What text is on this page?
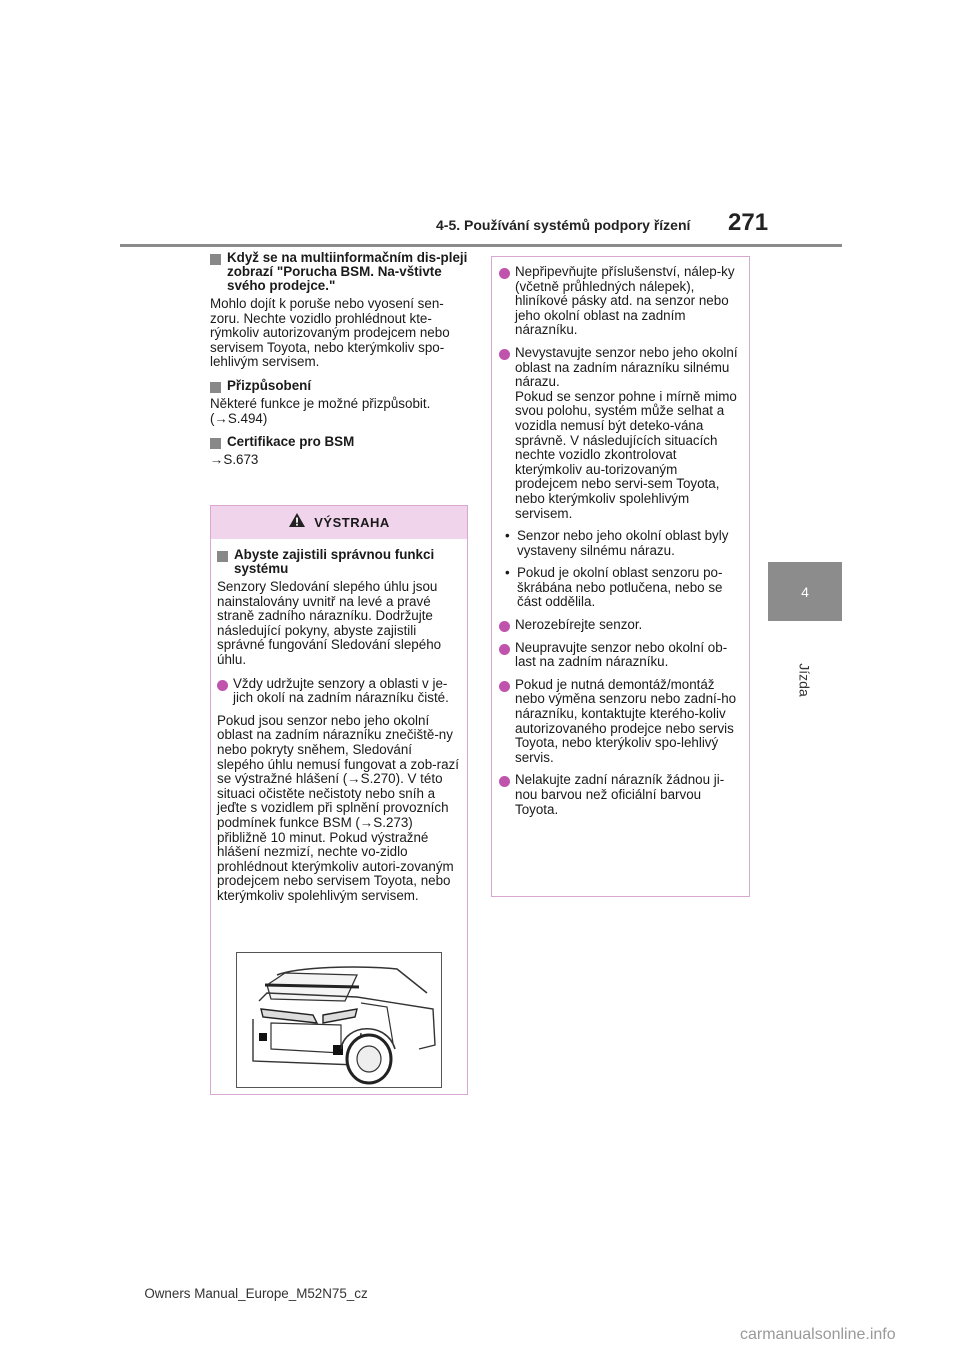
4-5. Používání systémů podpory řízení	271
4
Jízda
Když se na multiinformačním dis-pleji zobrazí "Porucha BSM. Na-vštivte svého prodejce."

Mohlo dojít k poruše nebo vyosení sen-zoru. Nechte vozidlo prohlédnout kte-rýmkoliv autorizovaným prodejcem nebo servisem Toyota, nebo kterýmkoliv spo-lehlivým servisem.

Přizpůsobení

Některé funkce je možné přizpůsobit. (→S.494)

Certifikace pro BSM

→S.673

VÝSTRAHA
Abyste zajistili správnou funkci systému

Senzory Sledování slepého úhlu jsou nainstalovány uvnitř na levé a pravé straně zadního nárazníku. Dodržujte následující pokyny, abyste zajistili správné fungování Sledování slepého úhlu.

Vždy udržujte senzory a oblasti v je-jich okolí na zadním nárazníku čisté.

Pokud jsou senzor nebo jeho okolní oblast na zadním nárazníku znečiště-ny nebo pokryty sněhem, Sledování slepého úhlu nemusí fungovat a zob-razí se výstražné hlášení (→S.270). V této situaci očistěte nečistoty nebo sníh a jeďte s vozidlem při splnění provozních podmínek funkce BSM (→S.273) přibližně 10 minut. Pokud výstražné hlášení nezmizí, nechte vo-zidlo prohlédnout kterýmkoliv autori-zovaným prodejcem nebo servisem Toyota, nebo kterýmkoliv spolehlivým servisem.

Nepřipevňujte příslušenství, nálep-ky (včetně průhledných nálepek), hliníkové pásky atd. na senzor nebo jeho okolní oblast na zadním nárazníku.
Nevystavujte senzor nebo jeho okolní oblast na zadním nárazníku silnému nárazu.
Pokud se senzor pohne i mírně mimo svou polohu, systém může selhat a vozidla nemusí být deteko-vána správně. V následujících situacích nechte vozidlo zkontrolovat kterýmkoliv au-torizovaným prodejcem nebo servi-sem Toyota, nebo kterýmkoliv spolehlivým servisem.
• Senzor nebo jeho okolní oblast byly vystaveny silnému nárazu.
• Pokud je okolní oblast senzoru po-škrábána nebo potlučena, nebo se část oddělila.
Nerozebírejte senzor.
Neupravujte senzor nebo okolní ob-last na zadním nárazníku.
Pokud je nutná demontáž/montáž nebo výměna senzoru nebo zadní-ho nárazníku, kontaktujte kterého-koliv autorizovaného prodejce nebo servis Toyota, nebo kterýkoliv spo-lehlivý servis.
Nelakujte zadní nárazník žádnou ji-nou barvou než oficiální barvou Toyota.
Owners Manual_Europe_M52N75_cz
carmanualsonline.info
